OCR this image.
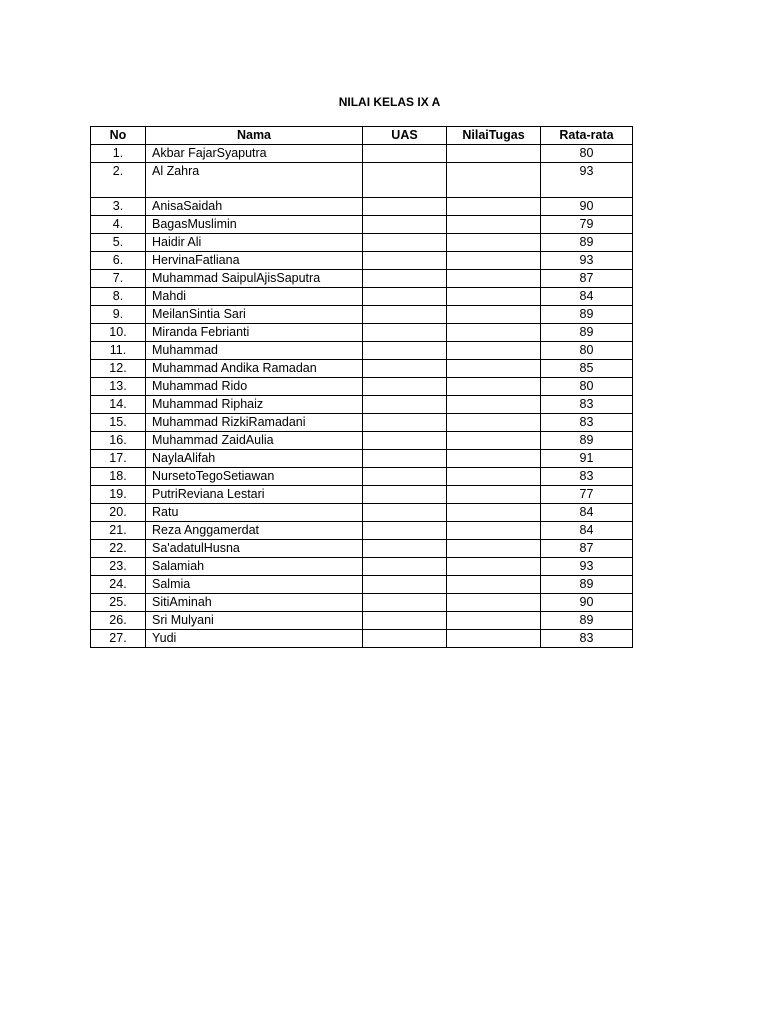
NILAI KELAS IX A
No	Nama	UAS	NilaiTugas	Rata-rata
1.	Akbar FajarSyaputra			80
2.	Al Zahra			93
3.	AnisaSaidah			90
4.	BagasMuslimin			79
5.	Haidir Ali			89
6.	HervinaFatliana			93
7.	Muhammad SaipulAjisSaputra			87
8.	Mahdi			84
9.	MeilanSintia Sari			89
10.	Miranda Febrianti			89
11.	Muhammad			80
12.	Muhammad Andika Ramadan			85
13.	Muhammad Rido			80
14.	Muhammad Riphaiz			83
15.	Muhammad RizkiRamadani			83
16.	Muhammad ZaidAulia			89
17.	NaylaAlifah			91
18.	NursetoTegoSetiawan			83
19.	PutriReviana Lestari			77
20.	Ratu			84
21.	Reza Anggamerdat			84
22.	Sa'adatulHusna			87
23.	Salamiah			93
24.	Salmia			89
25.	SitiAminah			90
26.	Sri Mulyani			89
27.	Yudi			83
